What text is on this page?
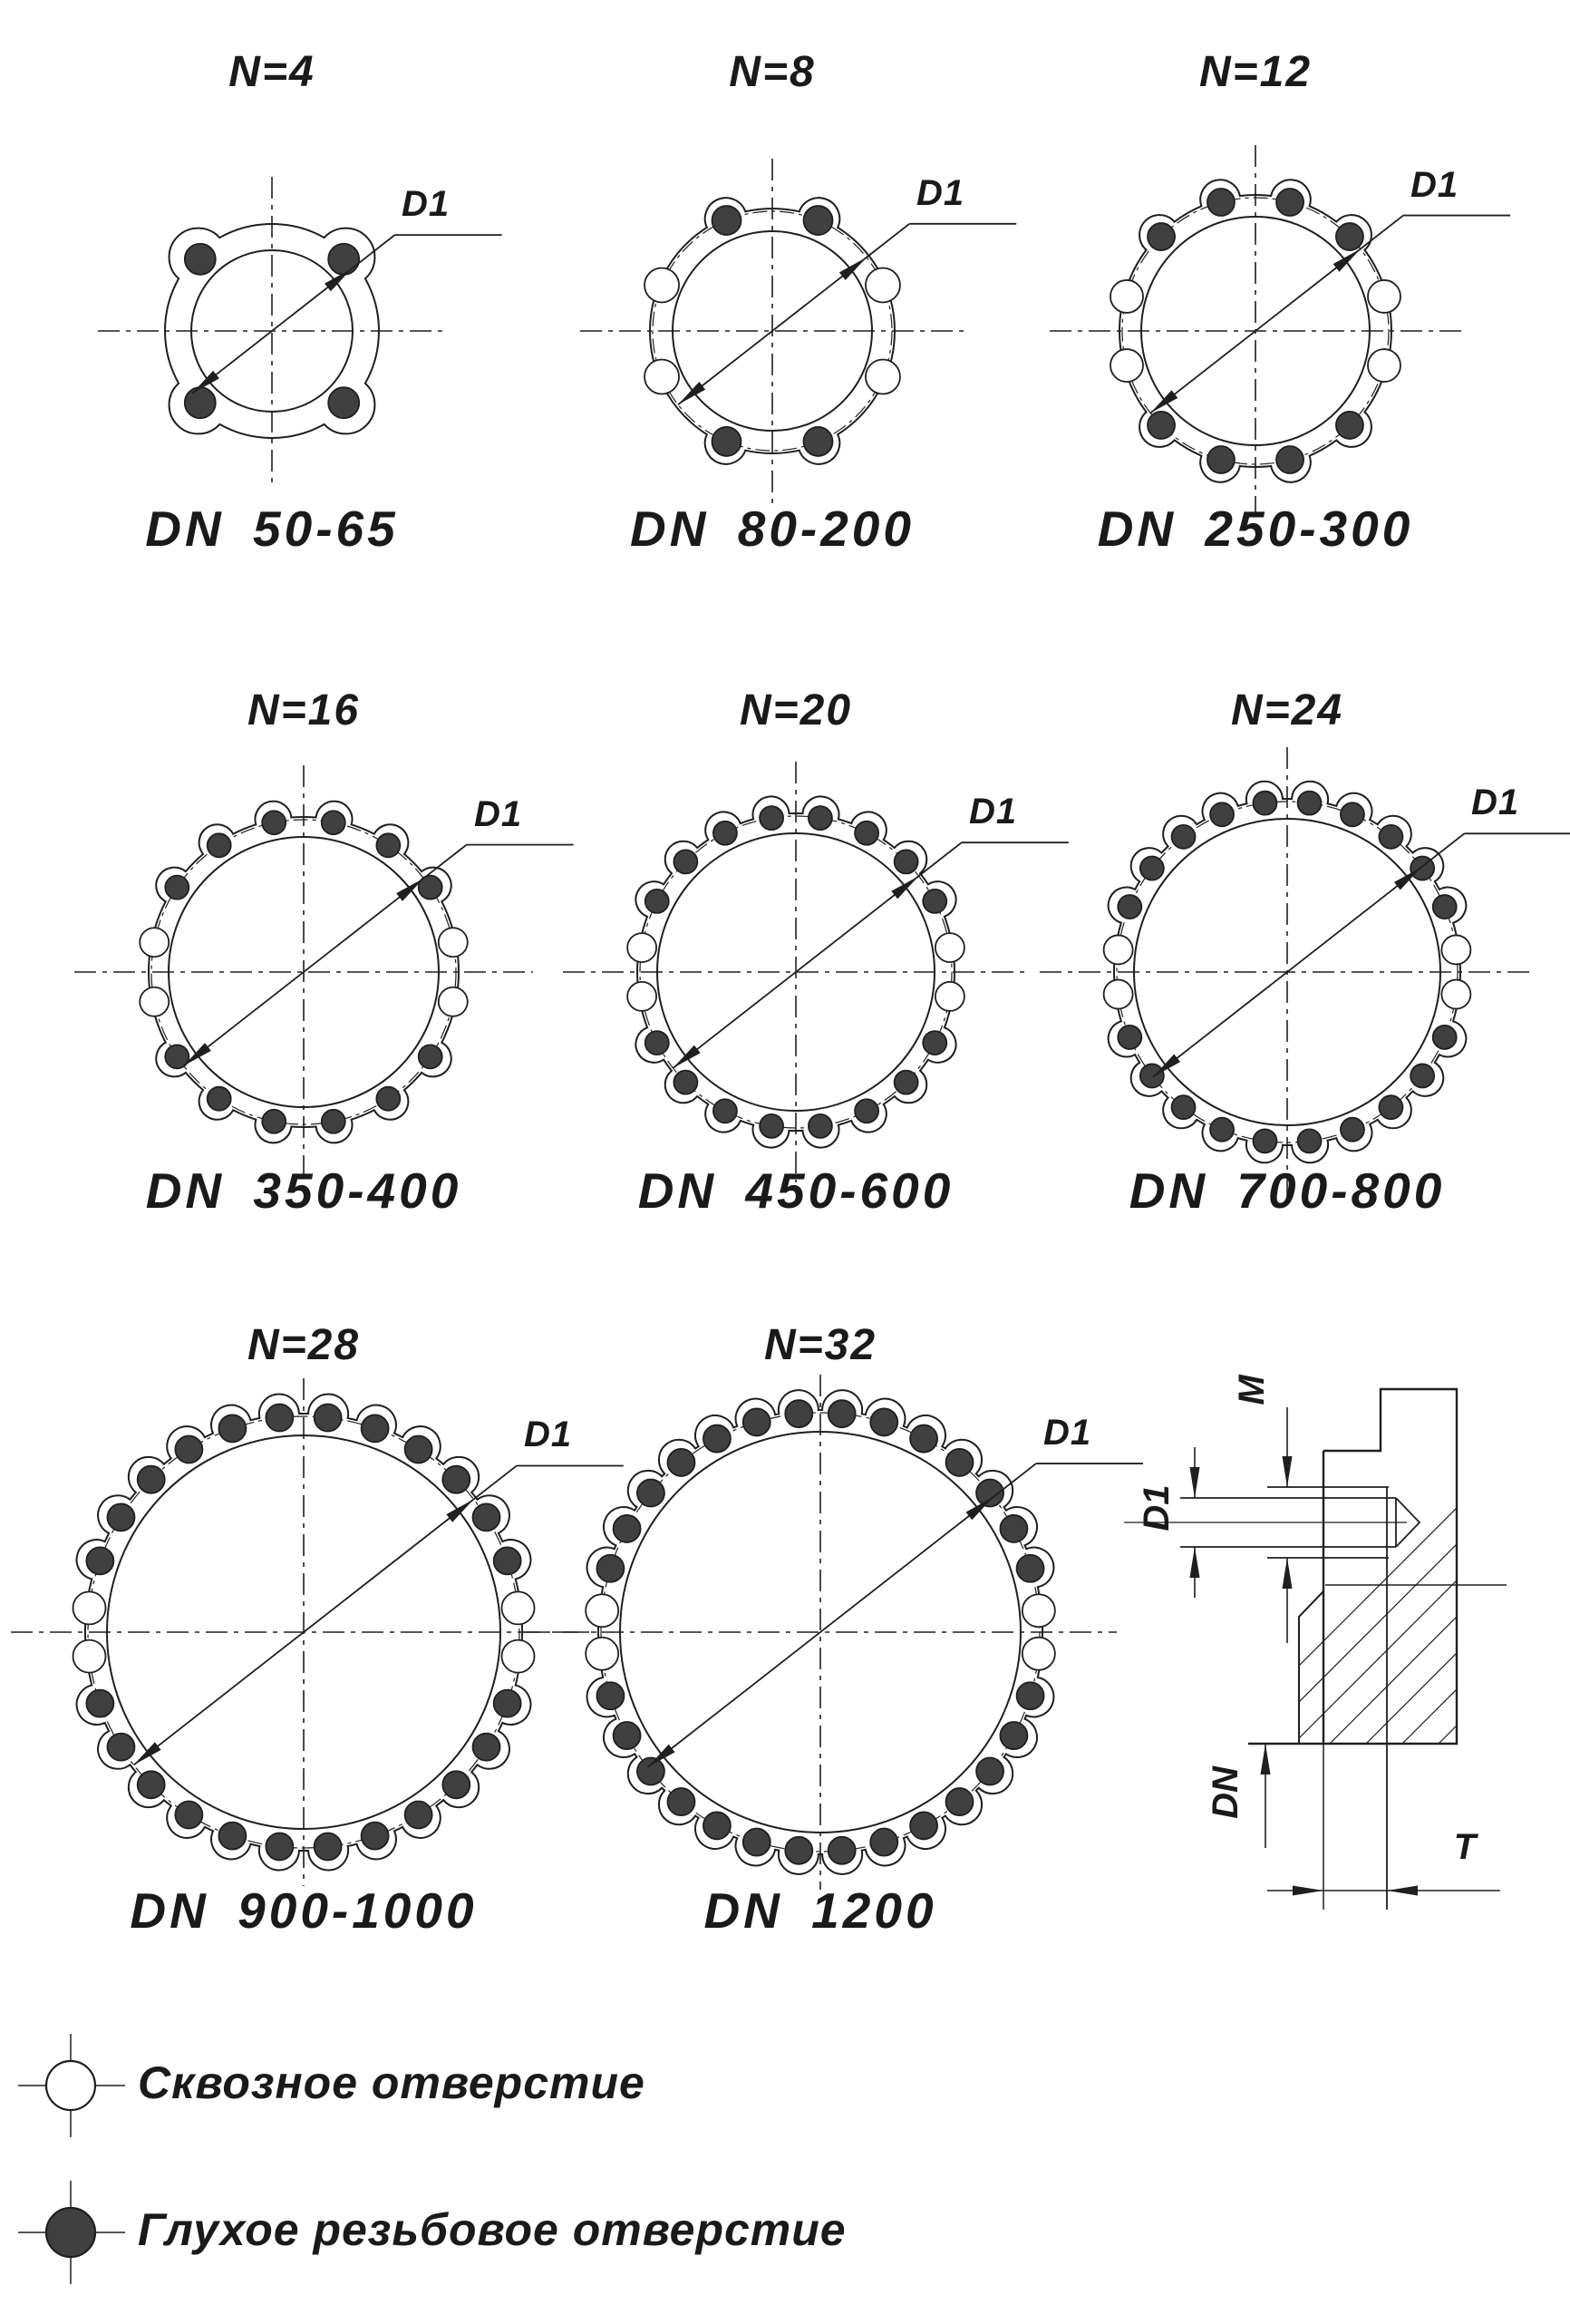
N=4	N=8	N=12
N=16	N=20	N=24
N=28	N=32
DN 50-65	DN 80-200	DN 250-300
DN 350-400	DN 450-600	DN 700-800
DN 900-1000	DN 1200
D1	D1	D1
D1	D1	D1
D1	D1
M
D1
DN
T
Сквозное отверстие
Глухое резьбовое отверстие
